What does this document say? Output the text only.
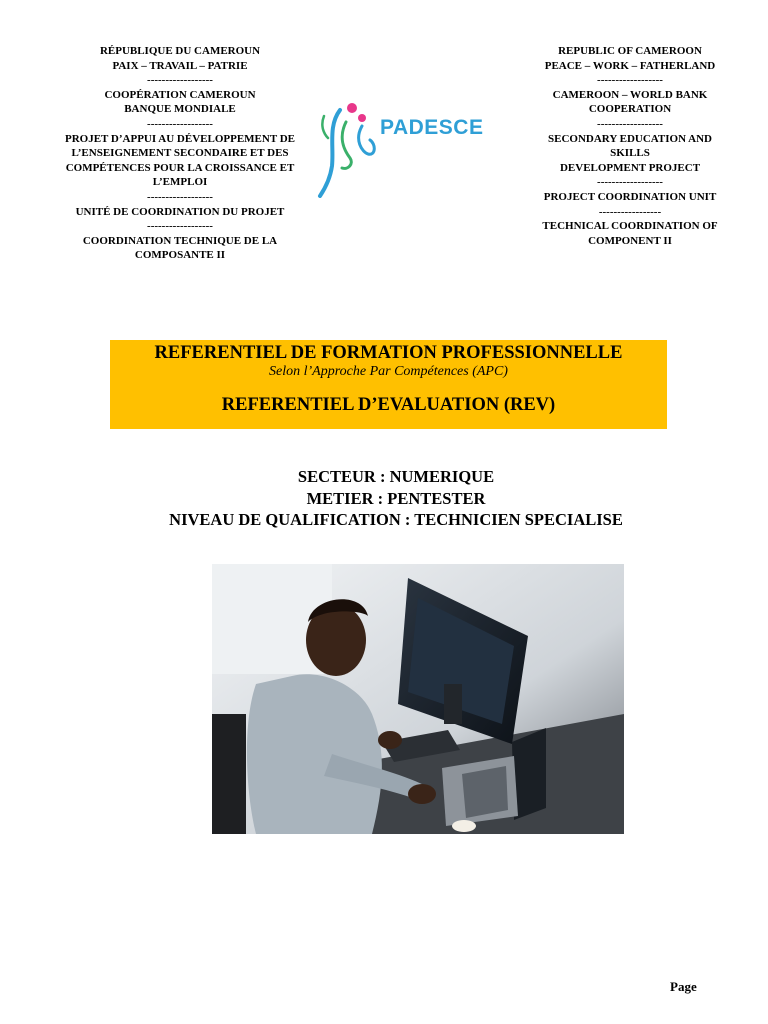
RÉPUBLIQUE DU CAMEROUN
PAIX – TRAVAIL – PATRIE
------------------
COOPÉRATION CAMEROUN
BANQUE MONDIALE
------------------
PROJET D’APPUI AU DÉVELOPPEMENT DE
L’ENSEIGNEMENT SECONDAIRE ET DES
COMPÉTENCES POUR LA CROISSANCE ET
L’EMPLOI
------------------
UNITÉ DE COORDINATION DU PROJET
------------------
COORDINATION TECHNIQUE DE LA
COMPOSANTE II
REPUBLIC OF CAMEROON
PEACE – WORK – FATHERLAND
------------------
CAMEROON – WORLD BANK
COOPERATION
------------------
SECONDARY EDUCATION AND
SKILLS
DEVELOPMENT PROJECT
------------------
PROJECT COORDINATION UNIT
-----------------
TECHNICAL COORDINATION OF
COMPONENT II
PADESCE
REFERENTIEL DE FORMATION PROFESSIONNELLE
Selon l’Approche Par Compétences (APC)
REFERENTIEL D’EVALUATION (REV)
SECTEUR : NUMERIQUE
METIER : PENTESTER
NIVEAU DE QUALIFICATION : TECHNICIEN SPECIALISE
Page
